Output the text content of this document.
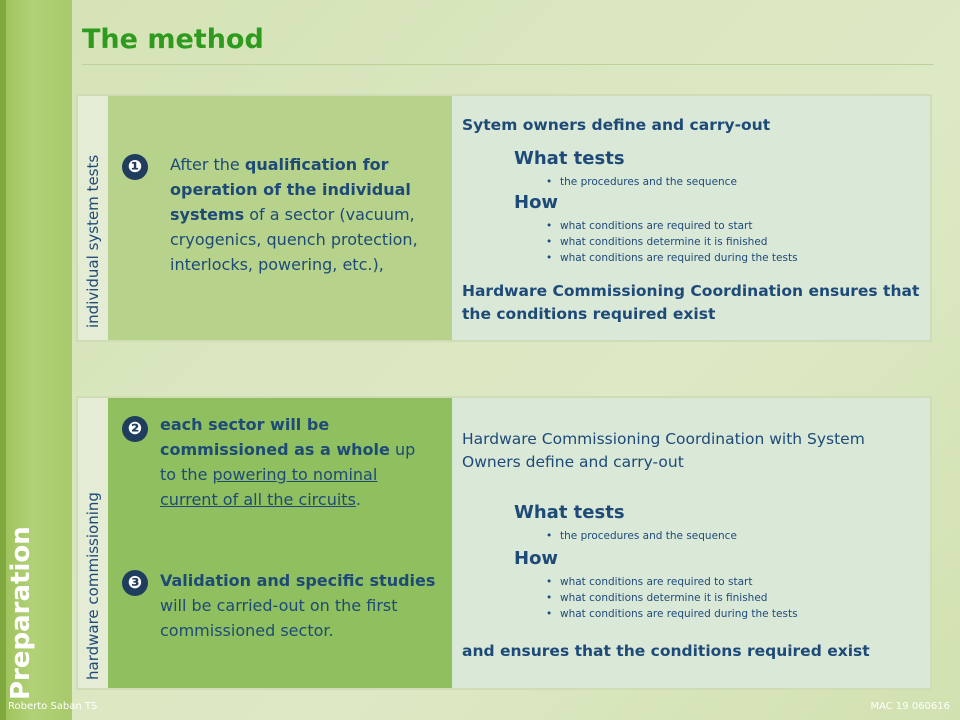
The method
Preparation
individual system tests	❶	After the qualification for operation of the individual systems of a sector (vacuum, cryogenics, quench protection, interlocks, powering, etc.),
Sytem owners define and carry-out
What tests
• the procedures and the sequence
How
• what conditions are required to start
• what conditions determine it is finished
• what conditions are required during the tests
Hardware Commissioning Coordination ensures that the conditions required exist
hardware commissioning
❷	each sector will be commissioned as a whole up to the powering to nominal current of all the circuits.
❸	Validation and specific studies will be carried-out on the first commissioned sector.
Hardware Commissioning Coordination with System Owners define and carry-out
What tests
• the procedures and the sequence
How
• what conditions are required to start
• what conditions determine it is finished
• what conditions are required during the tests
and ensures that the conditions required exist
Roberto Saban TS	MAC 19 060616
